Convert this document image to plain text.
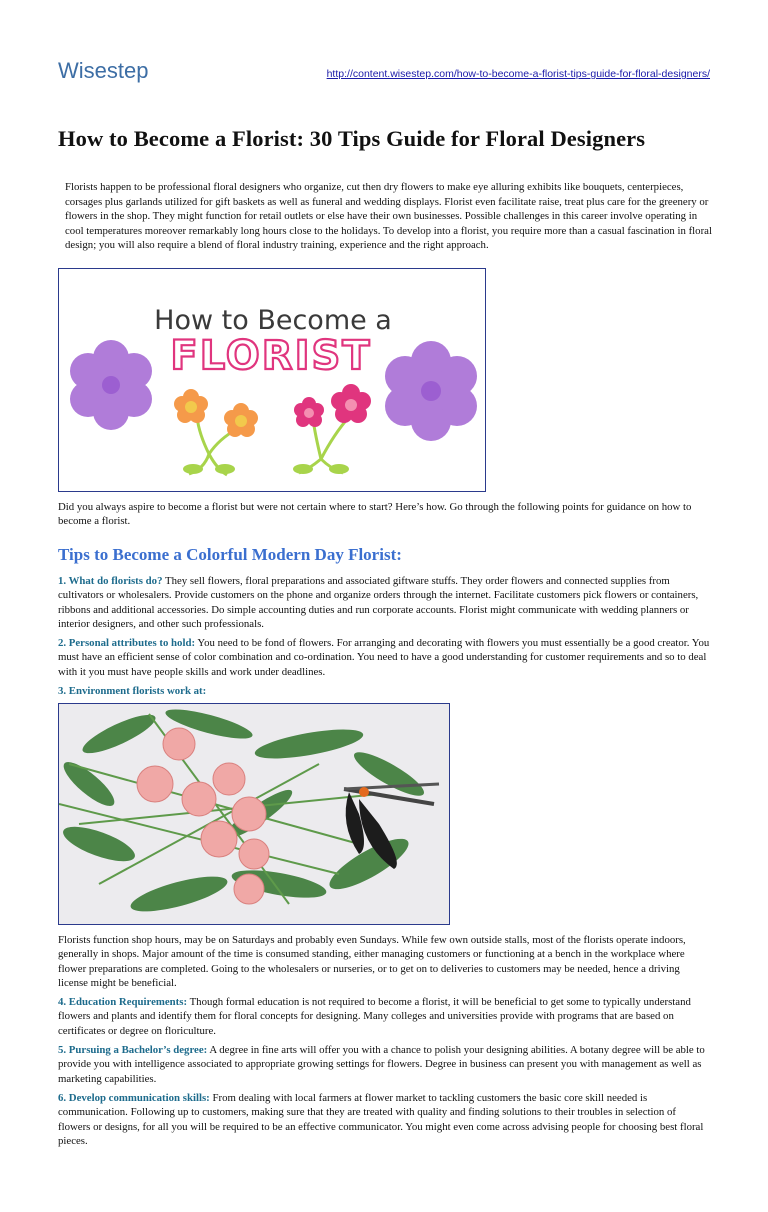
Wisestep	http://content.wisestep.com/how-to-become-a-florist-tips-guide-for-floral-designers/
How to Become a Florist: 30 Tips Guide for Floral Designers
Florists happen to be professional floral designers who organize, cut then dry flowers to make eye alluring exhibits like bouquets, centerpieces, corsages plus garlands utilized for gift baskets as well as funeral and wedding displays. Florist even facilitate raise, treat plus care for the greenery or flowers in the shop. They might function for retail outlets or else have their own businesses. Possible challenges in this career involve operating in cool temperatures moreover remarkably long hours close to the holidays. To develop into a florist, you require more than a casual fascination in floral design; you will also require a blend of floral industry training, experience and the right approach.
How to Become a
FLORIST

Did you always aspire to become a florist but were not certain where to start? Here’s how. Go through the following points for guidance on how to become a florist.

Tips to Become a Colorful Modern Day Florist:

1. What do florists do? They sell flowers, floral preparations and associated giftware stuffs. They order flowers and connected supplies from cultivators or wholesalers. Provide customers on the phone and organize orders through the internet. Facilitate customers pick flowers or containers, ribbons and additional accessories. Do simple accounting duties and run corporate accounts. Florist might communicate with wedding planners or interior designers, and other such professionals.

2. Personal attributes to hold: You need to be fond of flowers. For arranging and decorating with flowers you must essentially be a good creator. You must have an efficient sense of color combination and co-ordination. You need to have a good understanding for customer requirements and so to deal with it you must have people skills and work under deadlines.

3. Environment florists work at:

Florists function shop hours, may be on Saturdays and probably even Sundays. While few own outside stalls, most of the florists operate indoors, generally in shops. Major amount of the time is consumed standing, either managing customers or functioning at a bench in the workplace where flower preparations are completed. Going to the wholesalers or nurseries, or to get on to deliveries to customers may be needed, hence a driving license might be beneficial.

4. Education Requirements: Though formal education is not required to become a florist, it will be beneficial to get some to typically understand flowers and plants and identify them for floral concepts for designing. Many colleges and universities provide with programs that are based on certificates or degree on floriculture.

5. Pursuing a Bachelor’s degree: A degree in fine arts will offer you with a chance to polish your designing abilities. A botany degree will be able to provide you with intelligence associated to appropriate growing settings for flowers. Degree in business can present you with management as well as marketing capabilities.

6. Develop communication skills: From dealing with local farmers at flower market to tackling customers the basic core skill needed is communication. Following up to customers, making sure that they are treated with quality and finding solutions to their troubles in selection of flowers or designs, for all you will be required to be an effective communicator. You might even come across advising people for choosing best floral pieces.
